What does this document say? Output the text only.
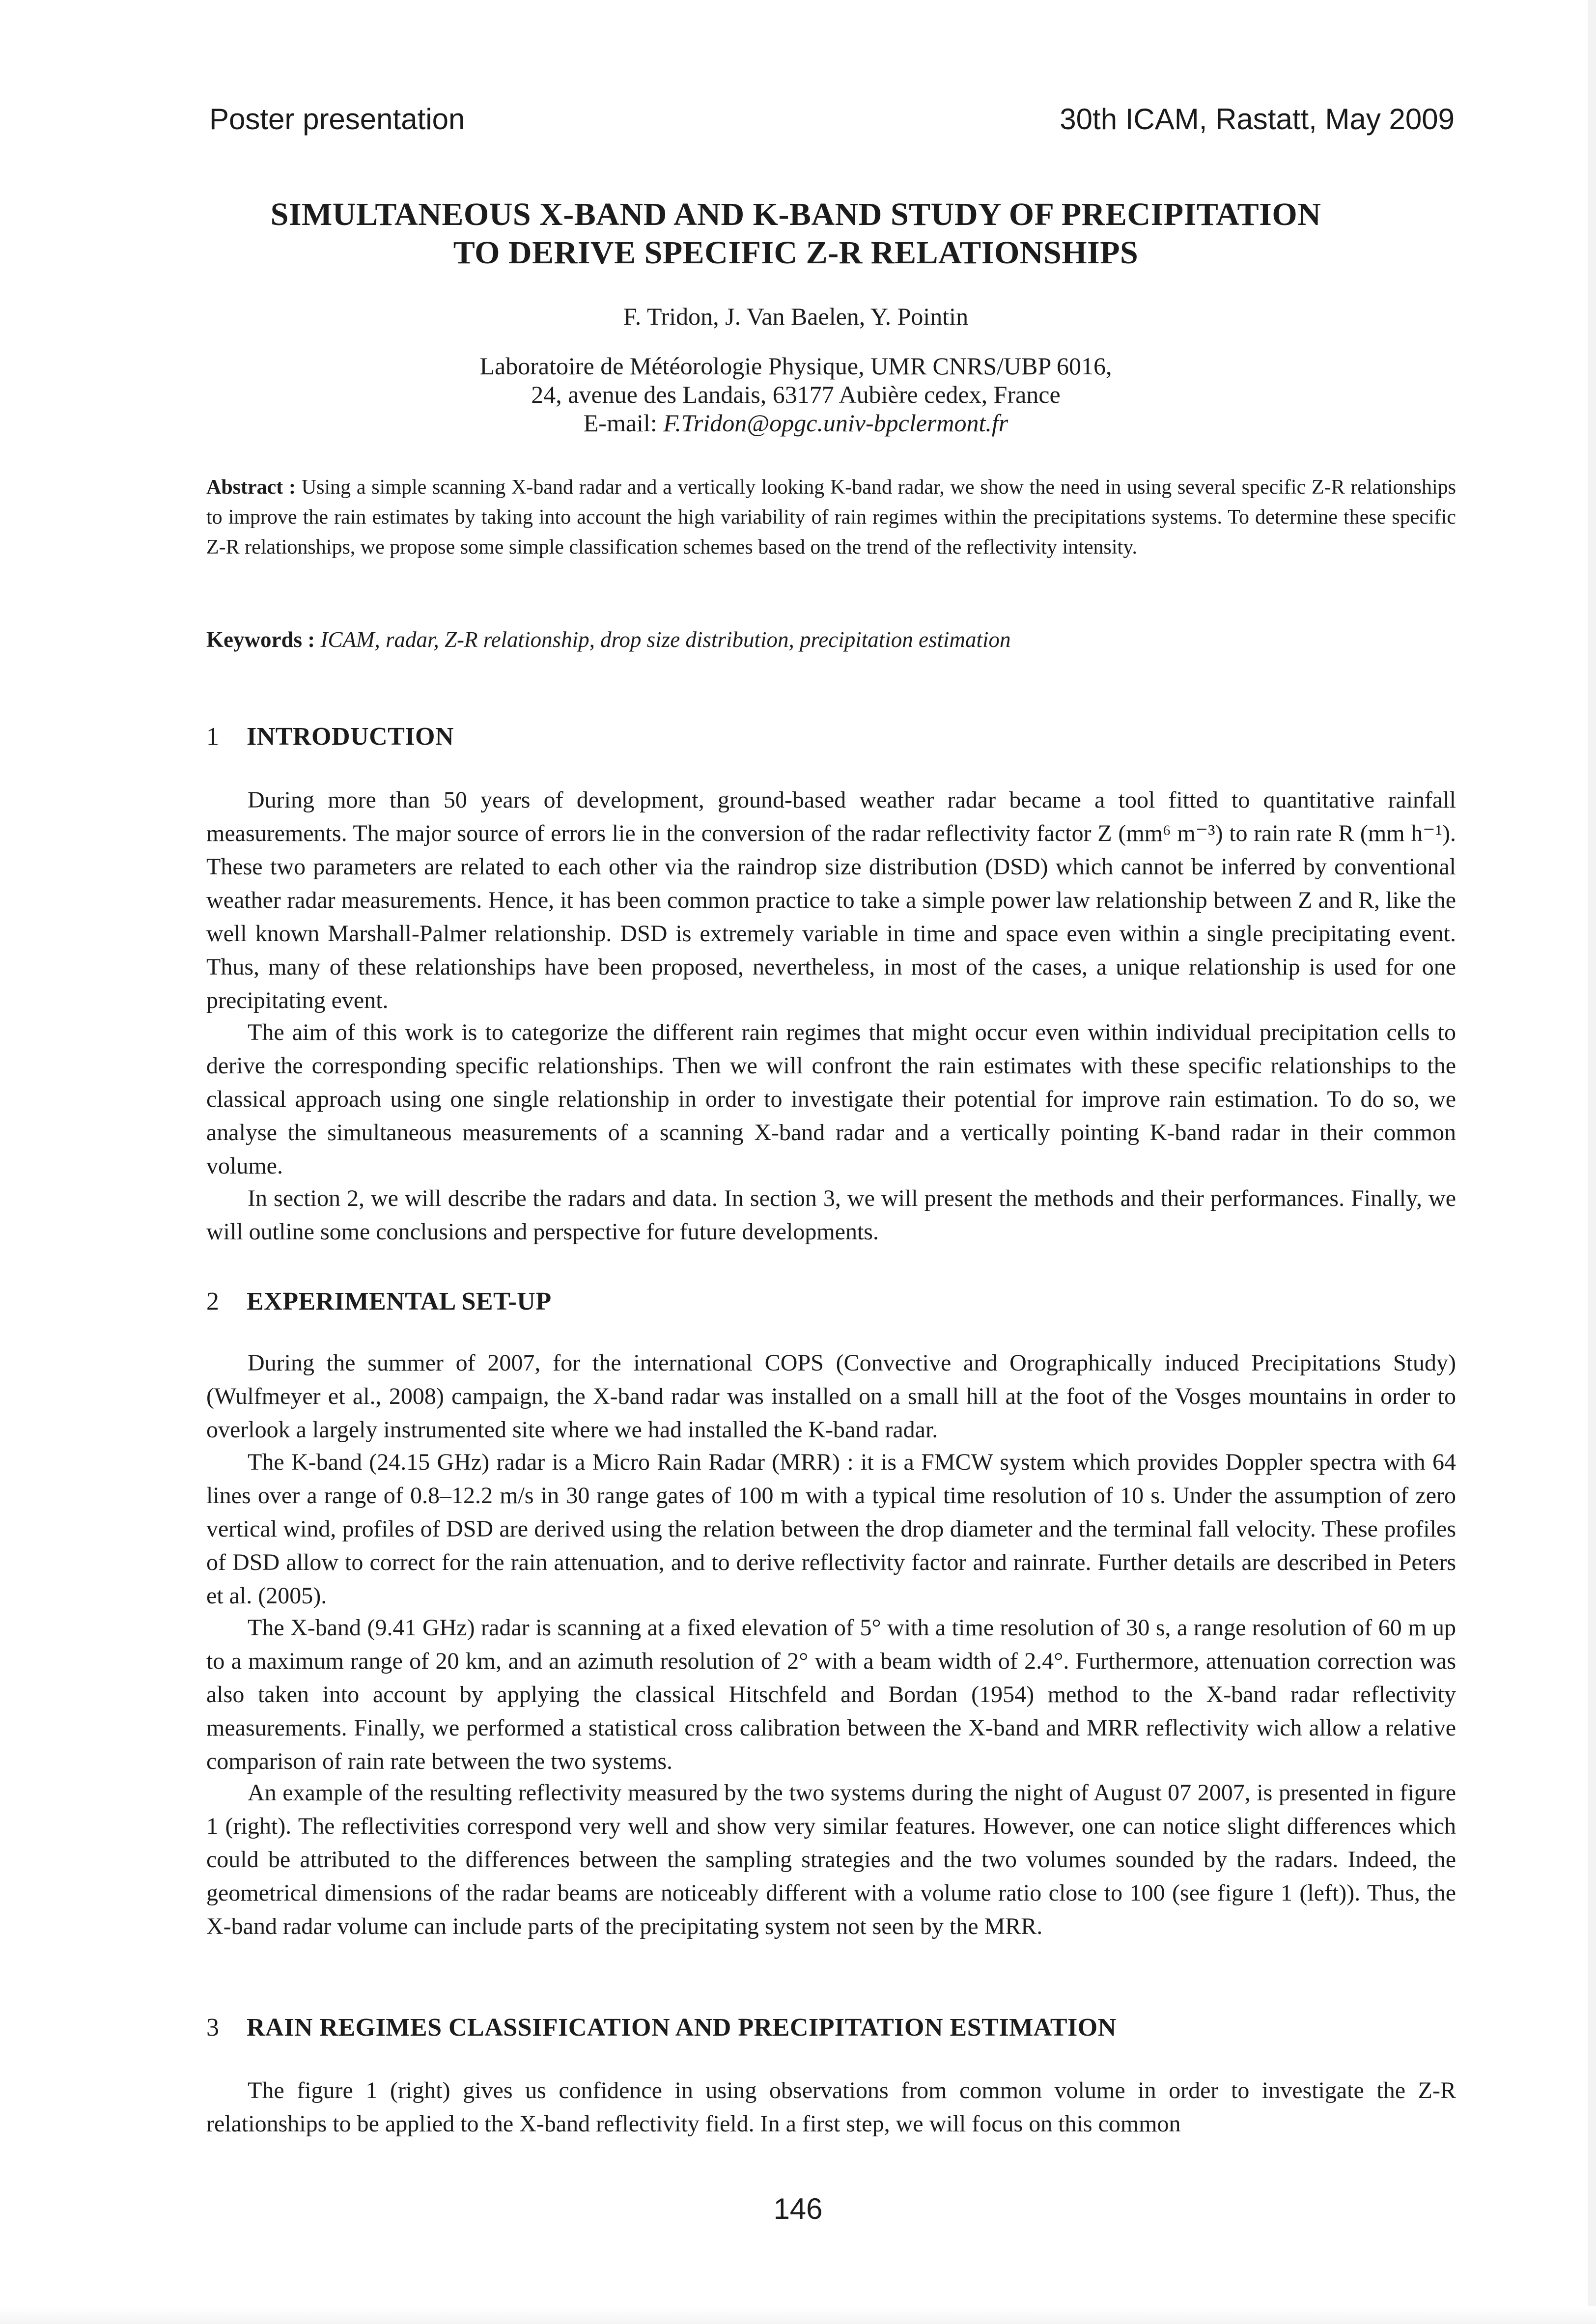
Poster presentation	30th ICAM, Rastatt, May 2009
SIMULTANEOUS X-BAND AND K-BAND STUDY OF PRECIPITATION
TO DERIVE SPECIFIC Z-R RELATIONSHIPS
F. Tridon, J. Van Baelen, Y. Pointin
Laboratoire de Météorologie Physique, UMR CNRS/UBP 6016,
24, avenue des Landais, 63177 Aubière cedex, France
E-mail: F.Tridon@opgc.univ-bpclermont.fr
Abstract : Using a simple scanning X-band radar and a vertically looking K-band radar, we show the need in using several specific Z-R relationships to improve the rain estimates by taking into account the high variability of rain regimes within the precipitations systems. To determine these specific Z-R relationships, we propose some simple classification schemes based on the trend of the reflectivity intensity.
Keywords : ICAM, radar, Z-R relationship, drop size distribution, precipitation estimation
1 INTRODUCTION
During more than 50 years of development, ground-based weather radar became a tool fitted to quantitative rainfall measurements. The major source of errors lie in the conversion of the radar reflectivity factor Z (mm⁶ m⁻³) to rain rate R (mm h⁻¹). These two parameters are related to each other via the raindrop size distribution (DSD) which cannot be inferred by conventional weather radar measurements. Hence, it has been common practice to take a simple power law relationship between Z and R, like the well known Marshall-Palmer relationship. DSD is extremely variable in time and space even within a single precipitating event. Thus, many of these relationships have been proposed, nevertheless, in most of the cases, a unique relationship is used for one precipitating event.
The aim of this work is to categorize the different rain regimes that might occur even within individual precipitation cells to derive the corresponding specific relationships. Then we will confront the rain estimates with these specific relationships to the classical approach using one single relationship in order to investigate their potential for improve rain estimation. To do so, we analyse the simultaneous measurements of a scanning X-band radar and a vertically pointing K-band radar in their common volume.
In section 2, we will describe the radars and data. In section 3, we will present the methods and their performances. Finally, we will outline some conclusions and perspective for future developments.
2 EXPERIMENTAL SET-UP
During the summer of 2007, for the international COPS (Convective and Orographically induced Precipitations Study) (Wulfmeyer et al., 2008) campaign, the X-band radar was installed on a small hill at the foot of the Vosges mountains in order to overlook a largely instrumented site where we had installed the K-band radar.
The K-band (24.15 GHz) radar is a Micro Rain Radar (MRR) : it is a FMCW system which provides Doppler spectra with 64 lines over a range of 0.8–12.2 m/s in 30 range gates of 100 m with a typical time resolution of 10 s. Under the assumption of zero vertical wind, profiles of DSD are derived using the relation between the drop diameter and the terminal fall velocity. These profiles of DSD allow to correct for the rain attenuation, and to derive reflectivity factor and rainrate. Further details are described in Peters et al. (2005).
The X-band (9.41 GHz) radar is scanning at a fixed elevation of 5° with a time resolution of 30 s, a range resolution of 60 m up to a maximum range of 20 km, and an azimuth resolution of 2° with a beam width of 2.4°. Furthermore, attenuation correction was also taken into account by applying the classical Hitschfeld and Bordan (1954) method to the X-band radar reflectivity measurements. Finally, we performed a statistical cross calibration between the X-band and MRR reflectivity wich allow a relative comparison of rain rate between the two systems.
An example of the resulting reflectivity measured by the two systems during the night of August 07 2007, is presented in figure 1 (right). The reflectivities correspond very well and show very similar features. However, one can notice slight differences which could be attributed to the differences between the sampling strategies and the two volumes sounded by the radars. Indeed, the geometrical dimensions of the radar beams are noticeably different with a volume ratio close to 100 (see figure 1 (left)). Thus, the X-band radar volume can include parts of the precipitating system not seen by the MRR.
3 RAIN REGIMES CLASSIFICATION AND PRECIPITATION ESTIMATION
The figure 1 (right) gives us confidence in using observations from common volume in order to investigate the Z-R relationships to be applied to the X-band reflectivity field. In a first step, we will focus on this common
146
